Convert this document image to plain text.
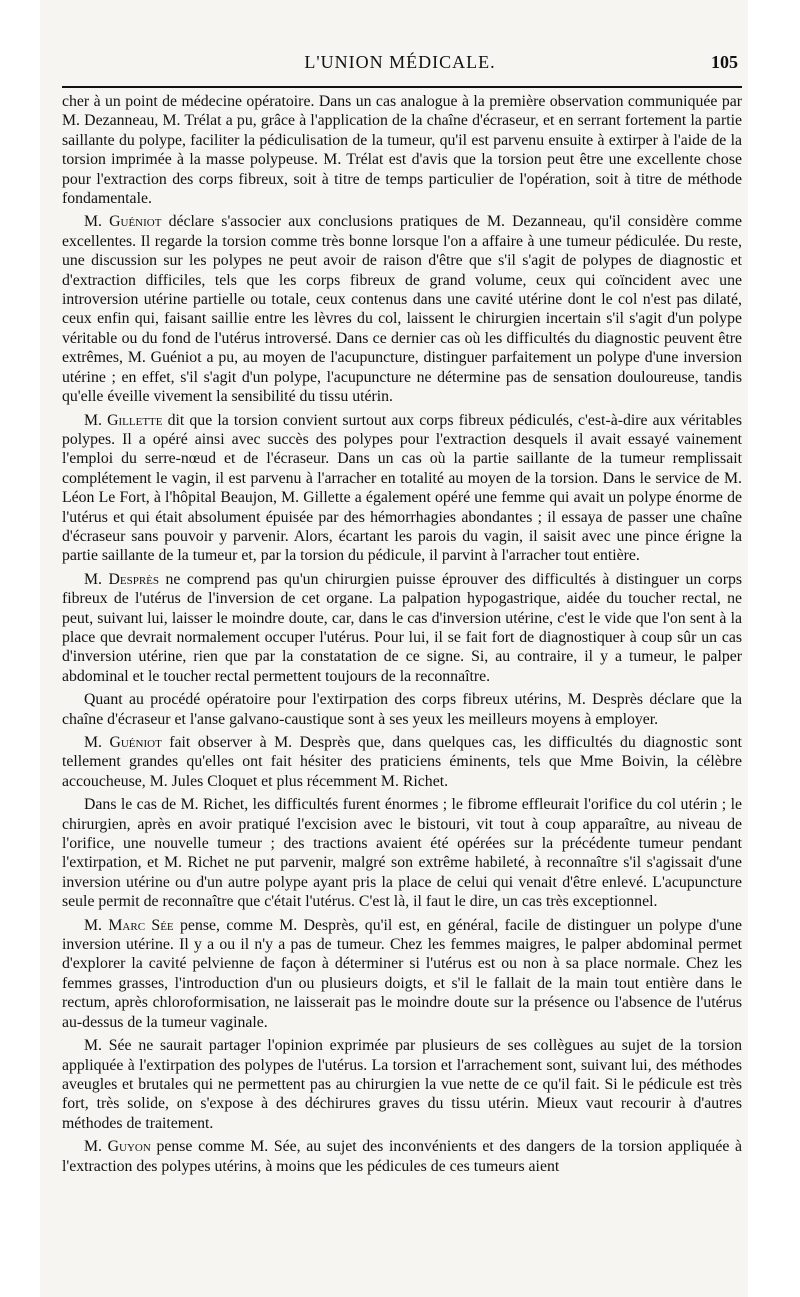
L'UNION MÉDICALE.	105

cher à un point de médecine opératoire. Dans un cas analogue à la première observation communiquée par M. Dezanneau, M. Trélat a pu, grâce à l'application de la chaîne d'écraseur, et en serrant fortement la partie saillante du polype, faciliter la pédiculisation de la tumeur, qu'il est parvenu ensuite à extirper à l'aide de la torsion imprimée à la masse polypeuse. M. Trélat est d'avis que la torsion peut être une excellente chose pour l'extraction des corps fibreux, soit à titre de temps particulier de l'opération, soit à titre de méthode fondamentale.

M. Guéniot déclare s'associer aux conclusions pratiques de M. Dezanneau, qu'il considère comme excellentes. Il regarde la torsion comme très bonne lorsque l'on a affaire à une tumeur pédiculée. Du reste, une discussion sur les polypes ne peut avoir de raison d'être que s'il s'agit de polypes de diagnostic et d'extraction difficiles, tels que les corps fibreux de grand volume, ceux qui coïncident avec une introversion utérine partielle ou totale, ceux contenus dans une cavité utérine dont le col n'est pas dilaté, ceux enfin qui, faisant saillie entre les lèvres du col, laissent le chirurgien incertain s'il s'agit d'un polype véritable ou du fond de l'utérus introversé. Dans ce dernier cas où les difficultés du diagnostic peuvent être extrêmes, M. Guéniot a pu, au moyen de l'acupuncture, distinguer parfaitement un polype d'une inversion utérine ; en effet, s'il s'agit d'un polype, l'acupuncture ne détermine pas de sensation douloureuse, tandis qu'elle éveille vivement la sensibilité du tissu utérin.

M. Gillette dit que la torsion convient surtout aux corps fibreux pédiculés, c'est-à-dire aux véritables polypes. Il a opéré ainsi avec succès des polypes pour l'extraction desquels il avait essayé vainement l'emploi du serre-nœud et de l'écraseur. Dans un cas où la partie saillante de la tumeur remplissait complétement le vagin, il est parvenu à l'arracher en totalité au moyen de la torsion. Dans le service de M. Léon Le Fort, à l'hôpital Beaujon, M. Gillette a également opéré une femme qui avait un polype énorme de l'utérus et qui était absolument épuisée par des hémorrhagies abondantes ; il essaya de passer une chaîne d'écraseur sans pouvoir y parvenir. Alors, écartant les parois du vagin, il saisit avec une pince érigne la partie saillante de la tumeur et, par la torsion du pédicule, il parvint à l'arracher tout entière.

M. Desprès ne comprend pas qu'un chirurgien puisse éprouver des difficultés à distinguer un corps fibreux de l'utérus de l'inversion de cet organe. La palpation hypogastrique, aidée du toucher rectal, ne peut, suivant lui, laisser le moindre doute, car, dans le cas d'inversion utérine, c'est le vide que l'on sent à la place que devrait normalement occuper l'utérus. Pour lui, il se fait fort de diagnostiquer à coup sûr un cas d'inversion utérine, rien que par la constatation de ce signe. Si, au contraire, il y a tumeur, le palper abdominal et le toucher rectal permettent toujours de la reconnaître.

Quant au procédé opératoire pour l'extirpation des corps fibreux utérins, M. Desprès déclare que la chaîne d'écraseur et l'anse galvano-caustique sont à ses yeux les meilleurs moyens à employer.

M. Guéniot fait observer à M. Desprès que, dans quelques cas, les difficultés du diagnostic sont tellement grandes qu'elles ont fait hésiter des praticiens éminents, tels que Mme Boivin, la célèbre accoucheuse, M. Jules Cloquet et plus récemment M. Richet.

Dans le cas de M. Richet, les difficultés furent énormes ; le fibrome effleurait l'orifice du col utérin ; le chirurgien, après en avoir pratiqué l'excision avec le bistouri, vit tout à coup apparaître, au niveau de l'orifice, une nouvelle tumeur ; des tractions avaient été opérées sur la précédente tumeur pendant l'extirpation, et M. Richet ne put parvenir, malgré son extrême habileté, à reconnaître s'il s'agissait d'une inversion utérine ou d'un autre polype ayant pris la place de celui qui venait d'être enlevé. L'acupuncture seule permit de reconnaître que c'était l'utérus. C'est là, il faut le dire, un cas très exceptionnel.

M. Marc Sée pense, comme M. Desprès, qu'il est, en général, facile de distinguer un polype d'une inversion utérine. Il y a ou il n'y a pas de tumeur. Chez les femmes maigres, le palper abdominal permet d'explorer la cavité pelvienne de façon à déterminer si l'utérus est ou non à sa place normale. Chez les femmes grasses, l'introduction d'un ou plusieurs doigts, et s'il le fallait de la main tout entière dans le rectum, après chloroformisation, ne laisserait pas le moindre doute sur la présence ou l'absence de l'utérus au-dessus de la tumeur vaginale.

M. Sée ne saurait partager l'opinion exprimée par plusieurs de ses collègues au sujet de la torsion appliquée à l'extirpation des polypes de l'utérus. La torsion et l'arrachement sont, suivant lui, des méthodes aveugles et brutales qui ne permettent pas au chirurgien la vue nette de ce qu'il fait. Si le pédicule est très fort, très solide, on s'expose à des déchirures graves du tissu utérin. Mieux vaut recourir à d'autres méthodes de traitement.

M. Guyon pense comme M. Sée, au sujet des inconvénients et des dangers de la torsion appliquée à l'extraction des polypes utérins, à moins que les pédicules de ces tumeurs aient
